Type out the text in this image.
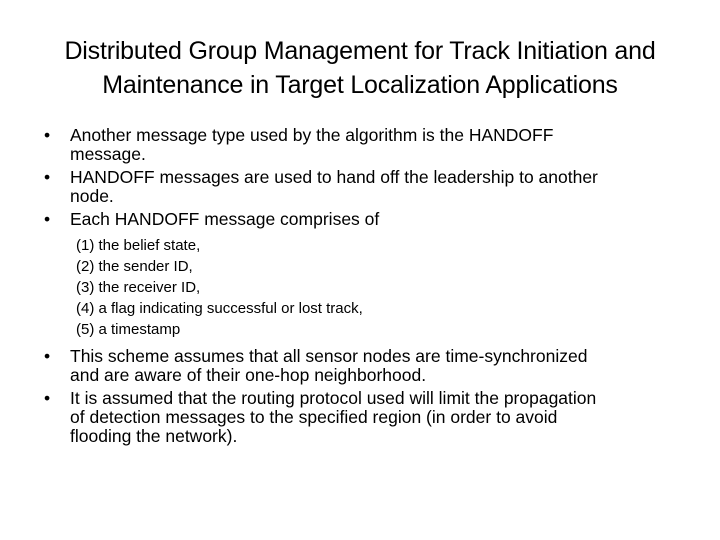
Distributed Group Management for Track Initiation and
Maintenance in Target Localization Applications
• Another message type used by the algorithm is the HANDOFF
message.
• HANDOFF messages are used to hand off the leadership to another
node.
• Each HANDOFF message comprises of
(1) the belief state,
(2) the sender ID,
(3) the receiver ID,
(4) a flag indicating successful or lost track,
(5) a timestamp
• This scheme assumes that all sensor nodes are time-synchronized
and are aware of their one-hop neighborhood.
• It is assumed that the routing protocol used will limit the propagation
of detection messages to the specified region (in order to avoid
flooding the network).
